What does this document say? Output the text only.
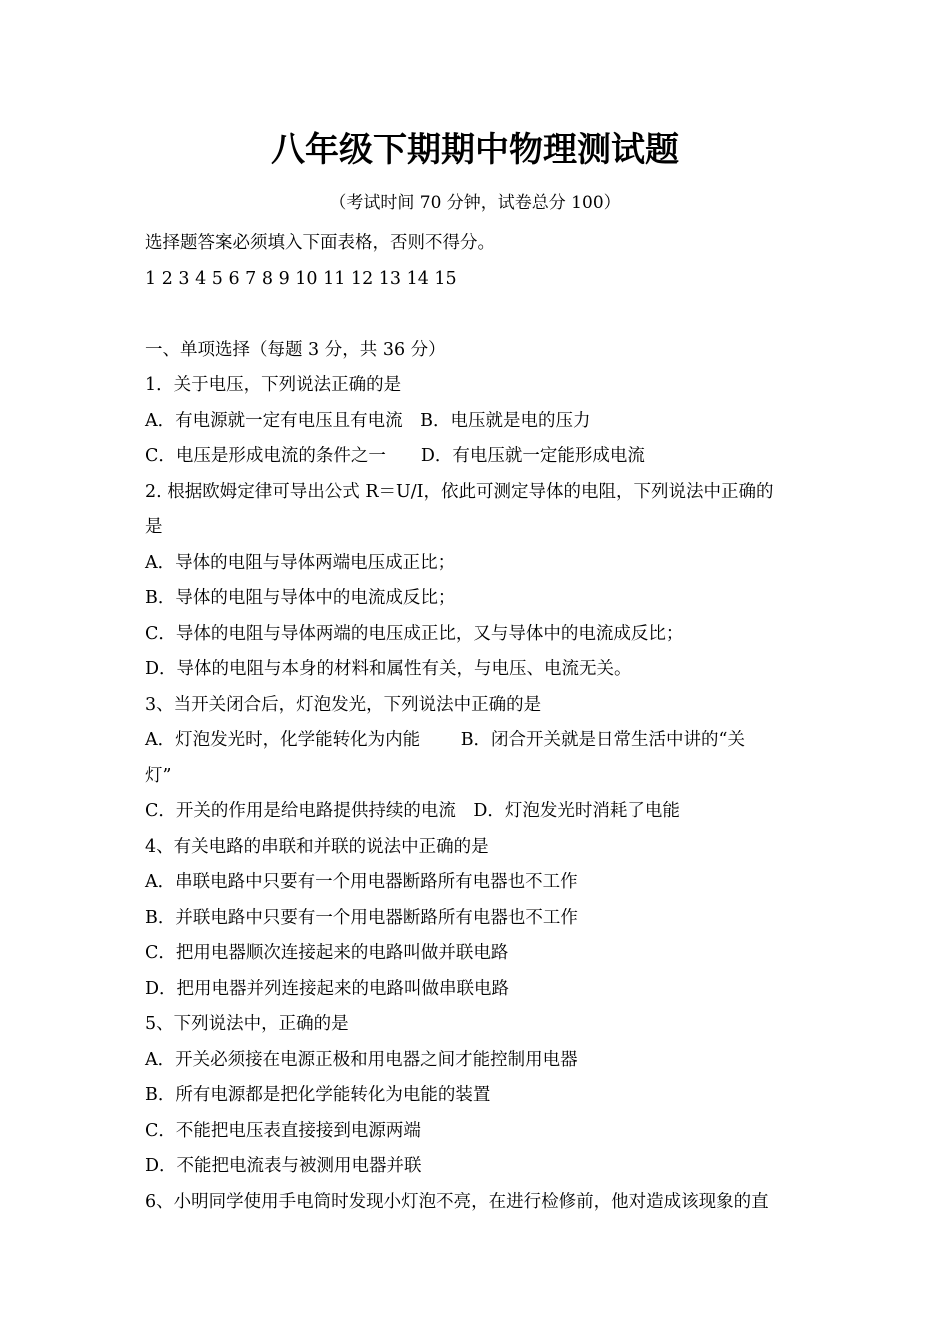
八年级下期期中物理测试题

（考试时间 70 分钟，试卷总分 100）

选择题答案必须填入下面表格，否则不得分。

1 2 3 4 5 6 7 8 9 10 11 12 13 14 15

一、单项选择（每题 3 分，共 36 分）

1．关于电压，下列说法正确的是

A．有电源就一定有电压且有电流　B．电压就是电的压力

C．电压是形成电流的条件之一　　D．有电压就一定能形成电流

2. 根据欧姆定律可导出公式 R＝U/I，依此可测定导体的电阻，下列说法中正确的

是

A．导体的电阻与导体两端电压成正比；

B．导体的电阻与导体中的电流成反比；

C．导体的电阻与导体两端的电压成正比，又与导体中的电流成反比；

D．导体的电阻与本身的材料和属性有关，与电压、电流无关。

3、当开关闭合后，灯泡发光，下列说法中正确的是

A．灯泡发光时，化学能转化为内能　　 B．闭合开关就是日常生活中讲的“关

灯”

C．开关的作用是给电路提供持续的电流　D．灯泡发光时消耗了电能

4、有关电路的串联和并联的说法中正确的是

A．串联电路中只要有一个用电器断路所有电器也不工作

B．并联电路中只要有一个用电器断路所有电器也不工作

C．把用电器顺次连接起来的电路叫做并联电路

D．把用电器并列连接起来的电路叫做串联电路

5、下列说法中，正确的是

A．开关必须接在电源正极和用电器之间才能控制用电器

B．所有电源都是把化学能转化为电能的装置

C．不能把电压表直接接到电源两端

D．不能把电流表与被测用电器并联

6、小明同学使用手电筒时发现小灯泡不亮，在进行检修前，他对造成该现象的直
